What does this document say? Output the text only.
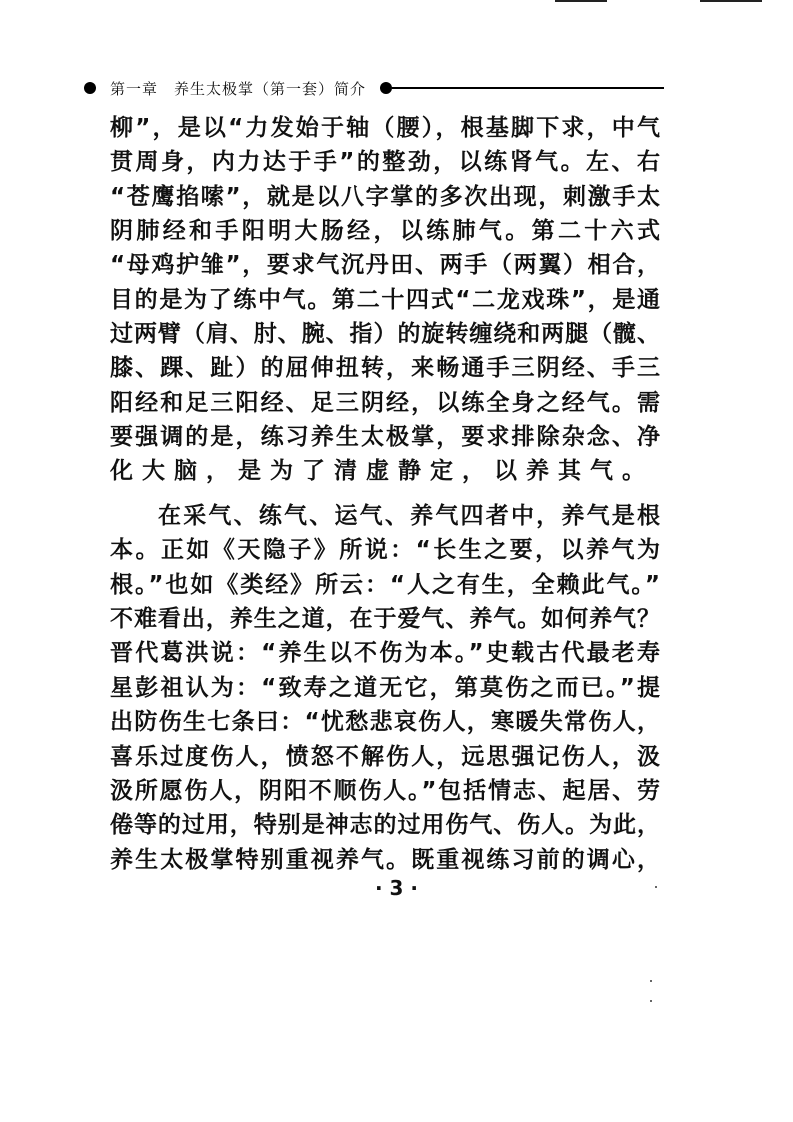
第一章　养生太极掌（第一套）简介
柳”，是以“力发始于轴（腰），根基脚下求，中气
贯周身，内力达于手”的整劲，以练肾气。左、右
“苍鹰掐嗦”，就是以八字掌的多次出现，刺激手太
阴肺经和手阳明大肠经，以练肺气。第二十六式
“母鸡护雏”，要求气沉丹田、两手（两翼）相合，
目的是为了练中气。第二十四式“二龙戏珠”，是通
过两臂（肩、肘、腕、指）的旋转缠绕和两腿（髋、
膝、踝、趾）的屈伸扭转，来畅通手三阴经、手三
阳经和足三阳经、足三阴经，以练全身之经气。需
要强调的是，练习养生太极掌，要求排除杂念、净
化大脑，是为了清虚静定，以养其气。
在采气、练气、运气、养气四者中，养气是根
本。正如《天隐子》所说：“长生之要，以养气为
根。”也如《类经》所云：“人之有生，全赖此气。”
不难看出，养生之道，在于爱气、养气。如何养气？
晋代葛洪说：“养生以不伤为本。”史载古代最老寿
星彭祖认为：“致寿之道无它，第莫伤之而已。”提
出防伤生七条曰：“忧愁悲哀伤人，寒暖失常伤人，
喜乐过度伤人，愤怒不解伤人，远思强记伤人，汲
汲所愿伤人，阴阳不顺伤人。”包括情志、起居、劳
倦等的过用，特别是神志的过用伤气、伤人。为此，
养生太极掌特别重视养气。既重视练习前的调心，
· 3 ·
